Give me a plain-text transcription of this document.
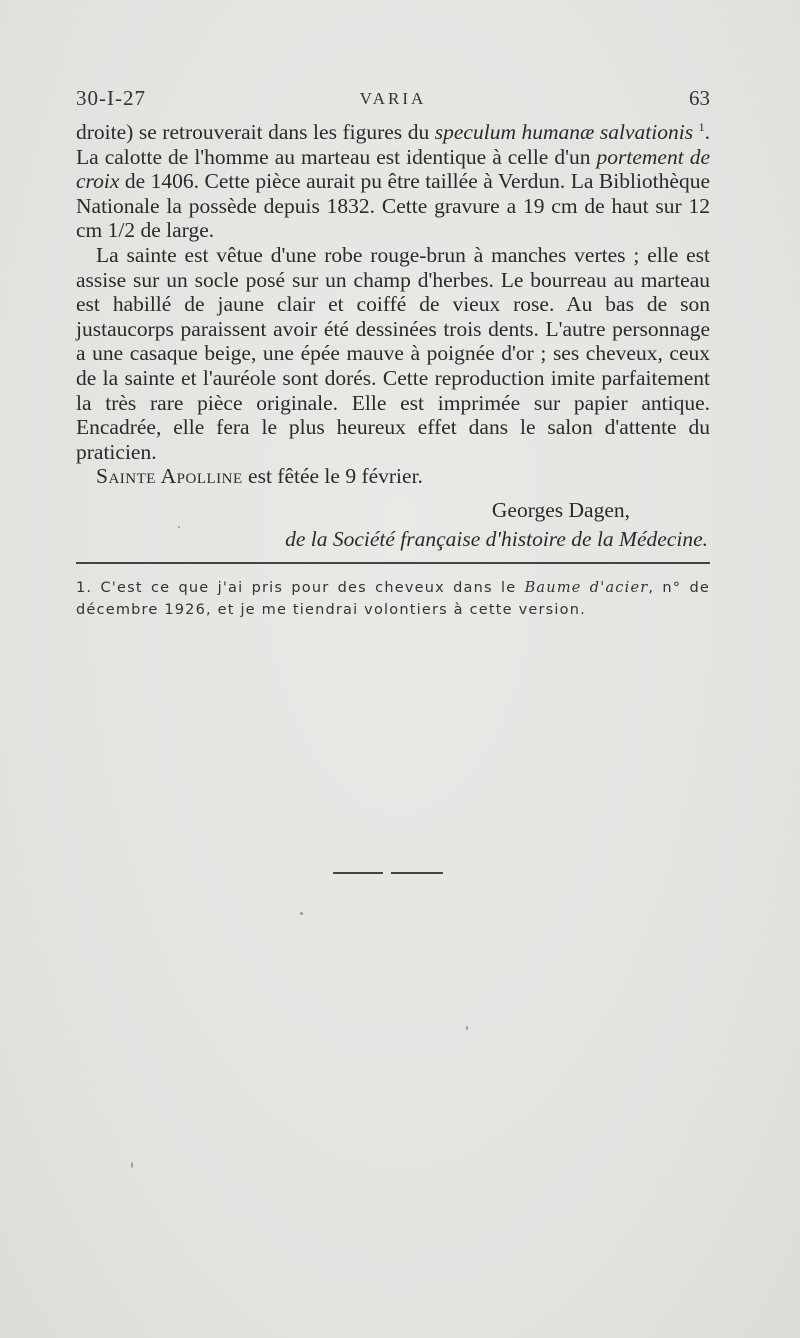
30-I-27	VARIA	63

droite) se retrouverait dans les figures du speculum humanæ salvationis $^1$. La calotte de l'homme au marteau est identique à celle d'un portement de croix de 1406. Cette pièce aurait pu être taillée à Verdun. La Bibliothèque Nationale la possède depuis 1832. Cette gravure a 19 cm de haut sur 12 cm 1/2 de large.

La sainte est vêtue d'une robe rouge-brun à manches vertes ; elle est assise sur un socle posé sur un champ d'herbes. Le bourreau au marteau est habillé de jaune clair et coiffé de vieux rose. Au bas de son justaucorps paraissent avoir été dessinées trois dents. L'autre personnage a une casaque beige, une épée mauve à poignée d'or ; ses cheveux, ceux de la sainte et l'auréole sont dorés. Cette reproduction imite parfaitement la très rare pièce originale. Elle est imprimée sur papier antique. Encadrée, elle fera le plus heureux effet dans le salon d'attente du praticien.

Sainte Apolline est fêtée le 9 février.

Georges Dagen,
de la Société française d'histoire de la Médecine.
1. C'est ce que j'ai pris pour des cheveux dans le Baume d'acier, n° de décembre 1926, et je me tiendrai volontiers à cette version.
